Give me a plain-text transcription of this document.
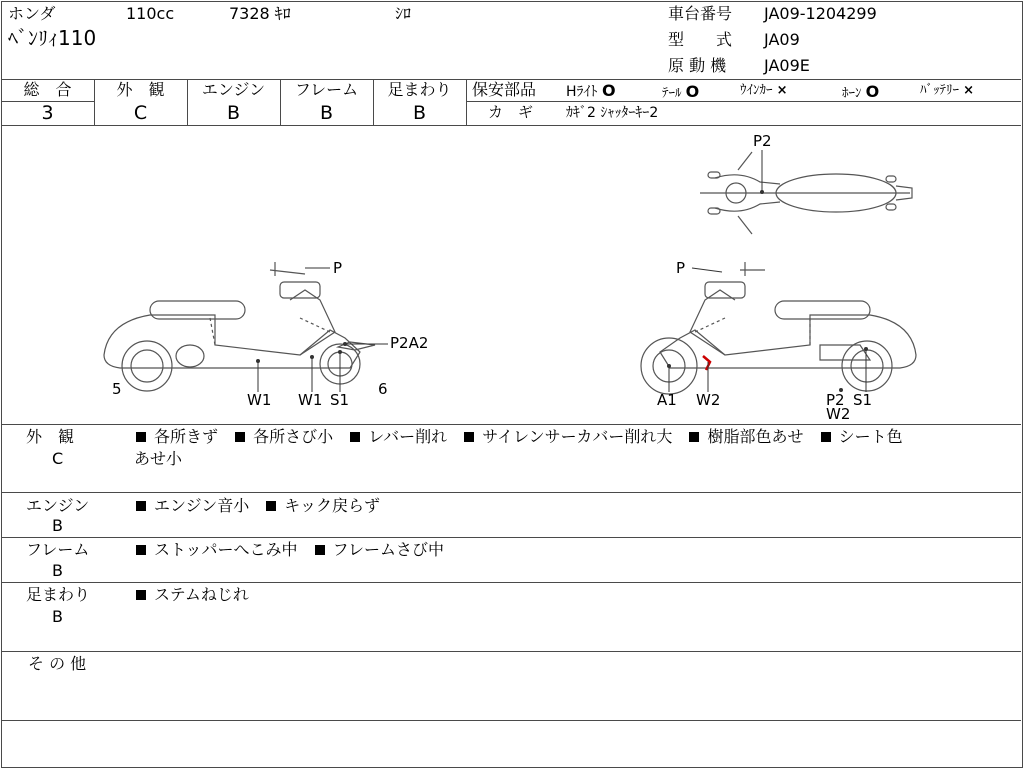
ホンダ	110cc	7328 ｷﾛ	ｼﾛ
ﾍﾞﾝﾘｨ110
車台番号 JA09-1204299
型　　式 JA09
原 動 機 JA09E
総　合
3
外　観
C
エンジン
B
フレーム
B
足まわり
B
保安部品 Hﾗｲﾄ O	ﾃｰﾙ O	ｳｲﾝｶｰ ×	ﾎｰﾝ O	ﾊﾞｯﾃﾘｰ ×
カ　ギ ｶｷﾞ2 ｼｬｯﾀｰｷｰ2
P2
P
P2A2
5	6
W1 W1 S1
P
A1 W2	P2
W2
S1
外　観
C
各所きず 各所さび小 レバー削れ サイレンサーカバー削れ大 樹脂部色あせ シート色
あせ小
エンジン
B
エンジン音小 キック戻らず
フレーム
B
ストッパーへこみ中 フレームさび中
足まわり
B
ステムねじれ
そ の 他
